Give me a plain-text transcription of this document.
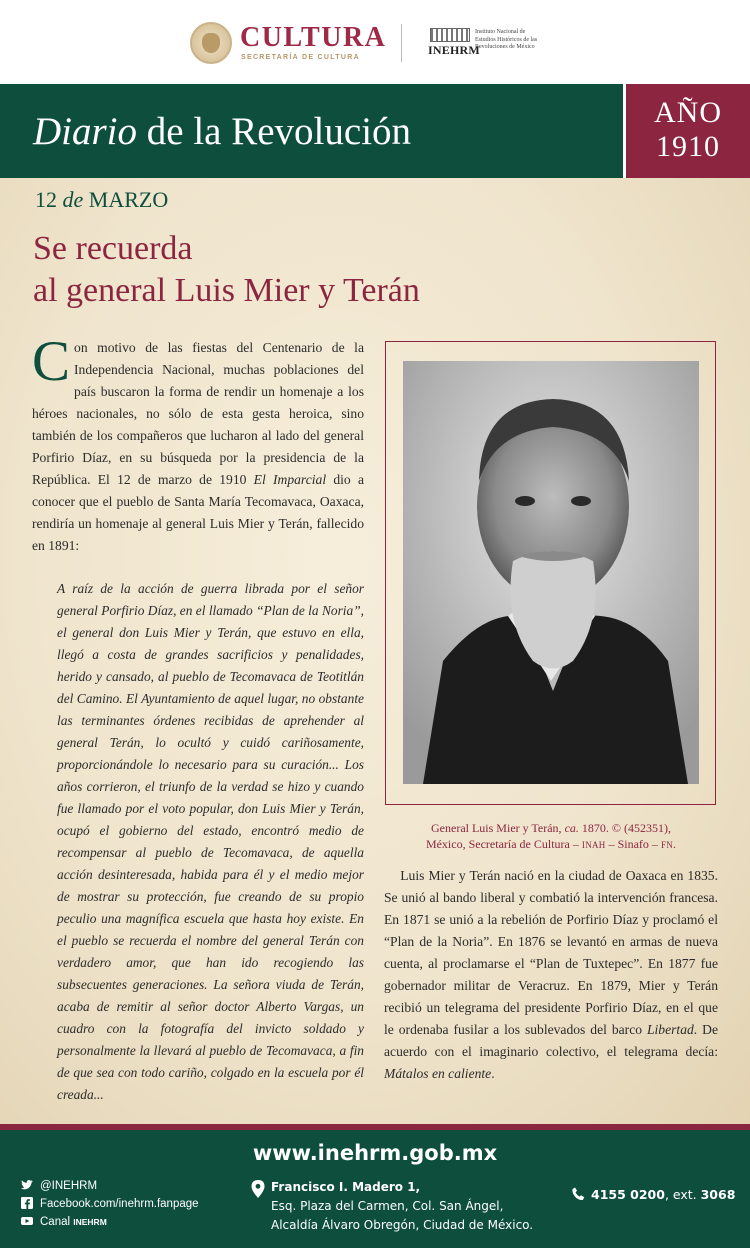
CULTURA
SECRETARÍA DE CULTURA
INEHRM
Instituto Nacional de
Estudios Históricos de las
Revoluciones de México
Diario de la Revolución	AÑO
1910
12 de MARZO
Se recuerda
al general Luis Mier y Terán
Con motivo de las fiestas del Centenario de la Independencia Nacional, muchas poblaciones del país buscaron la forma de rendir un homenaje a los héroes nacionales, no sólo de esta gesta heroica, sino también de los compañeros que lucharon al lado del general Porfirio Díaz, en su búsqueda por la presidencia de la República. El 12 de marzo de 1910 El Imparcial dio a conocer que el pueblo de Santa María Tecomavaca, Oaxaca, rendiría un homenaje al general Luis Mier y Terán, fallecido en 1891:
A raíz de la acción de guerra librada por el señor general Porfirio Díaz, en el llamado “Plan de la Noria”, el general don Luis Mier y Terán, que estuvo en ella, llegó a costa de grandes sacrificios y penalidades, herido y cansado, al pueblo de Tecomavaca de Teotitlán del Camino. El Ayuntamiento de aquel lugar, no obstante las terminantes órdenes recibidas de aprehender al general Terán, lo ocultó y cuidó cariñosamente, proporcionándole lo necesario para su curación... Los años corrieron, el triunfo de la verdad se hizo y cuando fue llamado por el voto popular, don Luis Mier y Terán, ocupó el gobierno del estado, encontró medio de recompensar al pueblo de Tecomavaca, de aquella acción desinteresada, habida para él y el medio mejor de mostrar su protección, fue creando de su propio peculio una magnífica escuela que hasta hoy existe. En el pueblo se recuerda el nombre del general Terán con verdadero amor, que han ido recogiendo las subsecuentes generaciones. La señora viuda de Terán, acaba de remitir al señor doctor Alberto Vargas, un cuadro con la fotografía del invicto soldado y personalmente la llevará al pueblo de Tecomavaca, a fin de que sea con todo cariño, colgado en la escuela por él creada...
General Luis Mier y Terán, ca. 1870. © (452351),
México, Secretaría de Cultura – INAH – Sinafo – FN.
Luis Mier y Terán nació en la ciudad de Oaxaca en 1835. Se unió al bando liberal y combatió la intervención francesa. En 1871 se unió a la rebelión de Porfirio Díaz y proclamó el “Plan de la Noria”. En 1876 se levantó en armas de nueva cuenta, al proclamarse el “Plan de Tuxtepec”. En 1877 fue gobernador militar de Veracruz. En 1879, Mier y Terán recibió un telegrama del presidente Porfirio Díaz, en el que le ordenaba fusilar a los sublevados del barco Libertad. De acuerdo con el imaginario colectivo, el telegrama decía: Mátalos en caliente.
www.inehrm.gob.mx
@INEHRM
Facebook.com/inehrm.fanpage
Canal INEHRM
Francisco I. Madero 1,
Esq. Plaza del Carmen, Col. San Ángel,
Alcaldía Álvaro Obregón, Ciudad de México.
4155 0200, ext. 3068
